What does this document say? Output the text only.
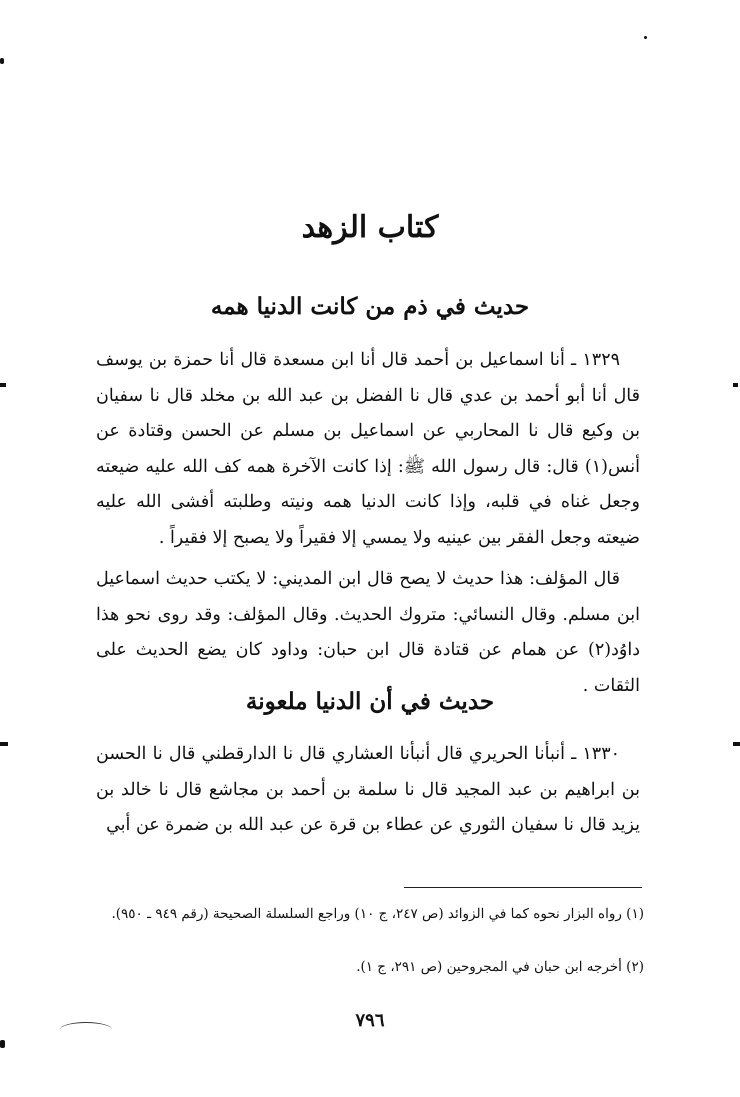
كتاب الزهد
حديث في ذم من كانت الدنيا همه
١٣٢٩ ـ أنا اسماعيل بن أحمد قال أنا ابن مسعدة قال أنا حمزة بن يوسف قال أنا أبو أحمد بن عدي قال نا الفضل بن عبد الله بن مخلد قال نا سفيان بن وكيع قال نا المحاربي عن اسماعيل بن مسلم عن الحسن وقتادة عن أنس(١) قال: قال رسول الله ﷺ: إذا كانت الآخرة همه كف الله عليه ضيعته وجعل غناه في قلبه، وإذا كانت الدنيا همه ونيته وطلبته أفشى الله عليه ضيعته وجعل الفقر بين عينيه ولا يمسي إلا فقيراً ولا يصبح إلا فقيراً .
قال المؤلف: هذا حديث لا يصح قال ابن المديني: لا يكتب حديث اسماعيل ابن مسلم. وقال النسائي: متروك الحديث. وقال المؤلف: وقد روى نحو هذا داوُد(٢) عن همام عن قتادة قال ابن حبان: وداود كان يضع الحديث على الثقات .
حديث في أن الدنيا ملعونة
١٣٣٠ ـ أنبأنا الحريري قال أنبأنا العشاري قال نا الدارقطني قال نا الحسن بن ابراهيم بن عبد المجيد قال نا سلمة بن أحمد بن مجاشع قال نا خالد بن يزيد قال نا سفيان الثوري عن عطاء بن قرة عن عبد الله بن ضمرة عن أبي
(١) رواه البزار نحوه كما في الزوائد (ص ٢٤٧، ج ١٠) وراجع السلسلة الصحيحة (رقم ٩٤٩ ـ ٩٥٠).
(٢) أخرجه ابن حبان في المجروحين (ص ٢٩١، ج ١).
٧٩٦
